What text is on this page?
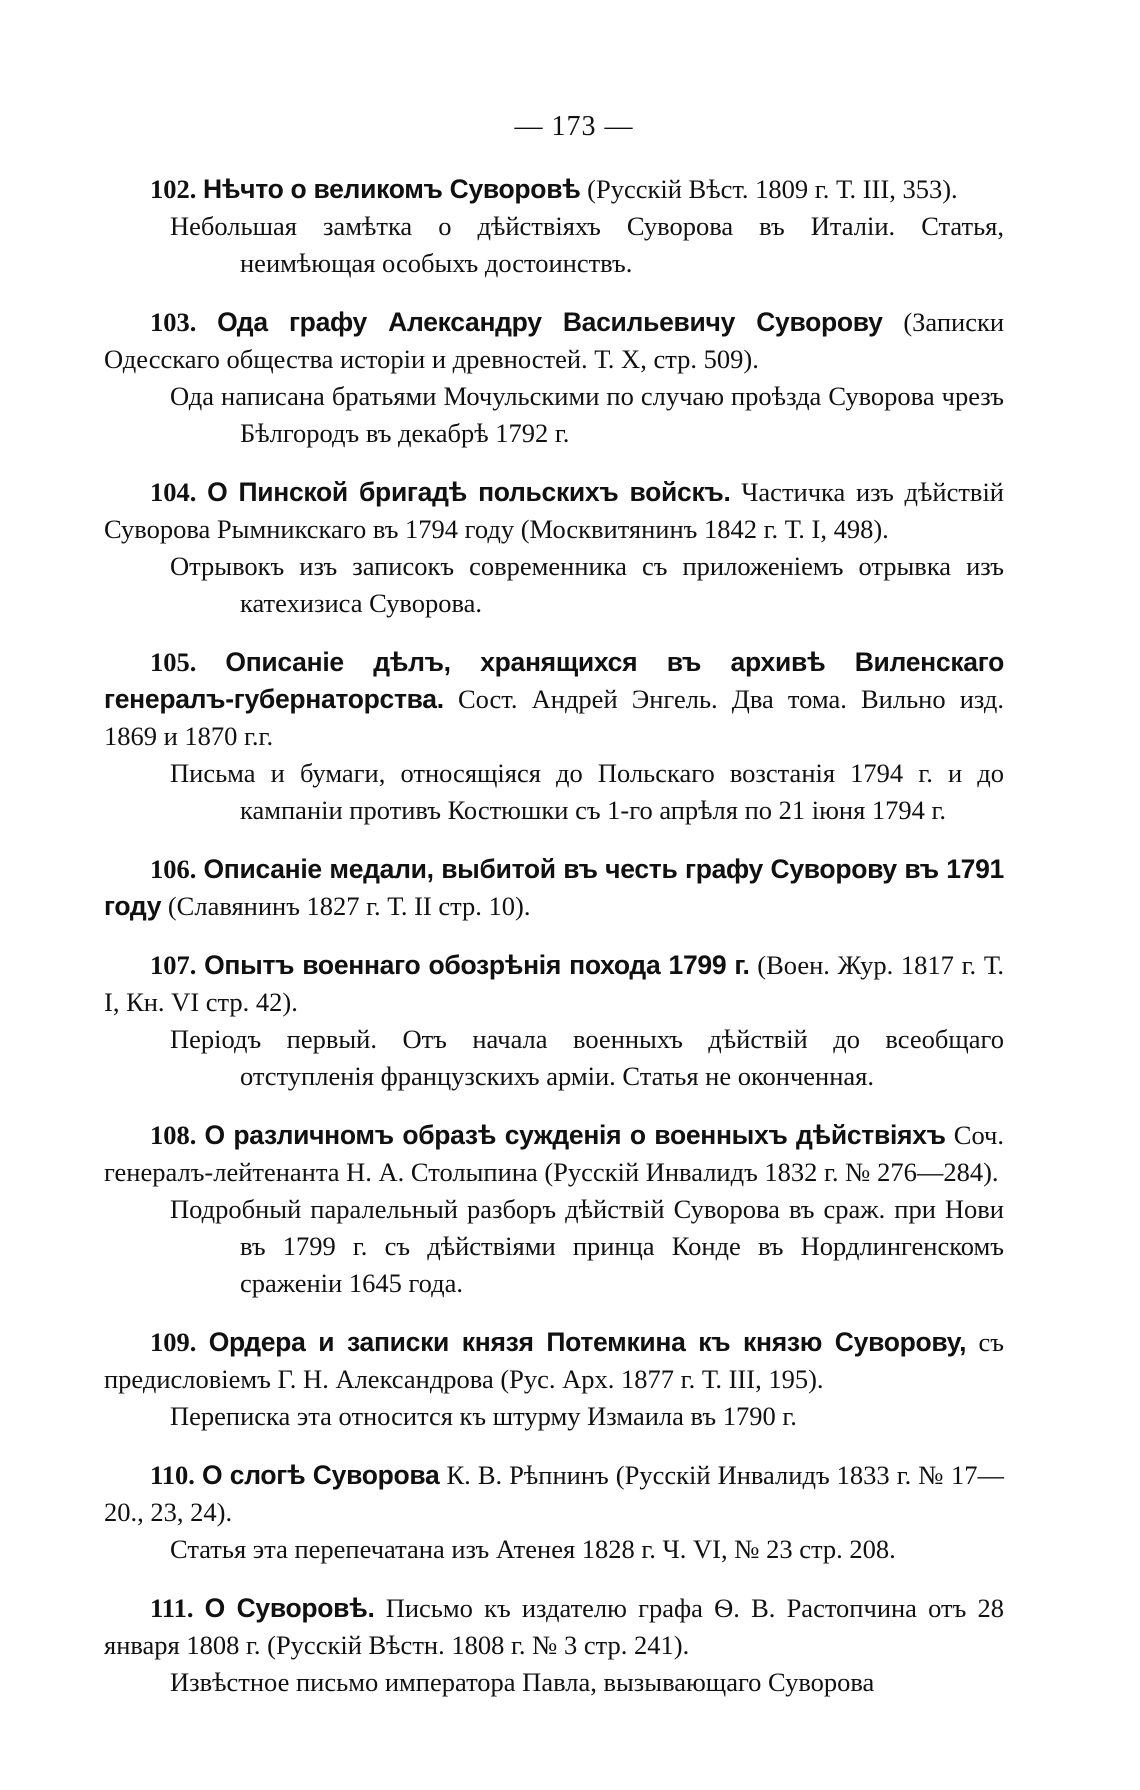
— 173 —
102. Нѣчто о великомъ Суворовѣ (Русскій Вѣст. 1809 г. Т. III, 353).
Небольшая замѣтка о дѣйствіяхъ Суворова въ Италіи. Статья, неимѣющая особыхъ достоинствъ.
103. Ода графу Александру Васильевичу Суворову (Записки Одесскаго общества исторіи и древностей. Т. X, стр. 509).
Ода написана братьями Мочульскими по случаю проѣзда Суворова чрезъ Бѣлгородъ въ декабрѣ 1792 г.
104. О Пинской бригадѣ польскихъ войскъ. Частичка изъ дѣйствій Суворова Рымникскаго въ 1794 году (Москвитянинъ 1842 г. Т. I, 498).
Отрывокъ изъ записокъ современника съ приложеніемъ отрывка изъ катехизиса Суворова.
105. Описаніе дѣлъ, хранящихся въ архивѣ Виленскаго генералъ-губернаторства. Сост. Андрей Энгель. Два тома. Вильно изд. 1869 и 1870 г.г.
Письма и бумаги, относящіяся до Польскаго возстанія 1794 г. и до кампаніи противъ Костюшки съ 1-го апрѣля по 21 іюня 1794 г.
106. Описаніе медали, выбитой въ честь графу Суворову въ 1791 году (Славянинъ 1827 г. Т. II стр. 10).
107. Опытъ военнаго обозрѣнія похода 1799 г. (Воен. Жур. 1817 г. Т. I, Кн. VI стр. 42).
Періодъ первый. Отъ начала военныхъ дѣйствій до всеобщаго отступленія французскихъ арміи. Статья не оконченная.
108. О различномъ образѣ сужденія о военныхъ дѣйствіяхъ Соч. генералъ-лейтенанта Н. А. Столыпина (Русскій Инвалидъ 1832 г. № 276—284).
Подробный паралельный разборъ дѣйствій Суворова въ сраж. при Нови въ 1799 г. съ дѣйствіями принца Конде въ Нордлингенскомъ сраженіи 1645 года.
109. Ордера и записки князя Потемкина къ князю Суворову, съ предисловіемъ Г. Н. Александрова (Рус. Арх. 1877 г. Т. III, 195).
Переписка эта относится къ штурму Измаила въ 1790 г.
110. О слогѣ Суворова К. В. Рѣпнинъ (Русскій Инвалидъ 1833 г. № 17—20., 23, 24).
Статья эта перепечатана изъ Атенея 1828 г. Ч. VI, № 23 стр. 208.
111. О Суворовѣ. Письмо къ издателю графа Ѳ. В. Растопчина отъ 28 января 1808 г. (Русскій Вѣстн. 1808 г. № 3 стр. 241).
Извѣстное письмо императора Павла, вызывающаго Суворова
